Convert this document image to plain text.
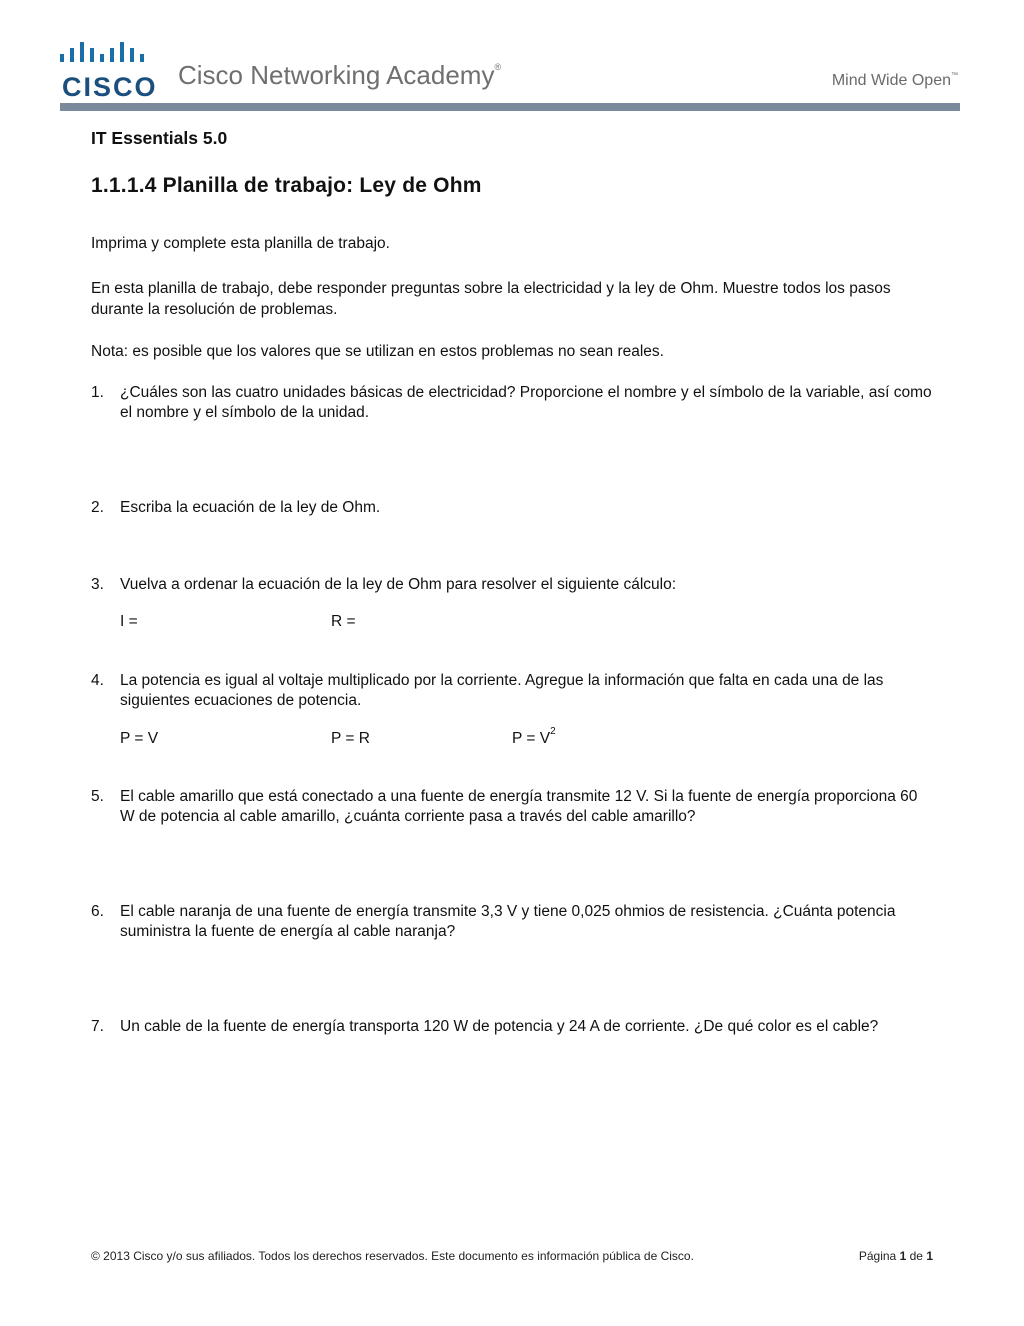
CISCO Cisco Networking Academy®
Mind Wide Open™
IT Essentials 5.0
1.1.1.4 Planilla de trabajo: Ley de Ohm
Imprima y complete esta planilla de trabajo.
En esta planilla de trabajo, debe responder preguntas sobre la electricidad y la ley de Ohm. Muestre todos los pasos durante la resolución de problemas.
Nota: es posible que los valores que se utilizan en estos problemas no sean reales.
1.	¿Cuáles son las cuatro unidades básicas de electricidad? Proporcione el nombre y el símbolo de la variable, así como el nombre y el símbolo de la unidad.
2.	Escriba la ecuación de la ley de Ohm.
3.	Vuelva a ordenar la ecuación de la ley de Ohm para resolver el siguiente cálculo:
I =	R =
4.	La potencia es igual al voltaje multiplicado por la corriente. Agregue la información que falta en cada una de las siguientes ecuaciones de potencia.
P = V	P = R	$P = V^2$
5.	El cable amarillo que está conectado a una fuente de energía transmite 12 V. Si la fuente de energía proporciona 60 W de potencia al cable amarillo, ¿cuánta corriente pasa a través del cable amarillo?
6.	El cable naranja de una fuente de energía transmite 3,3 V y tiene 0,025 ohmios de resistencia. ¿Cuánta potencia suministra la fuente de energía al cable naranja?
7.	Un cable de la fuente de energía transporta 120 W de potencia y 24 A de corriente. ¿De qué color es el cable?
© 2013 Cisco y/o sus afiliados. Todos los derechos reservados. Este documento es información pública de Cisco.	Página 1 de 1
